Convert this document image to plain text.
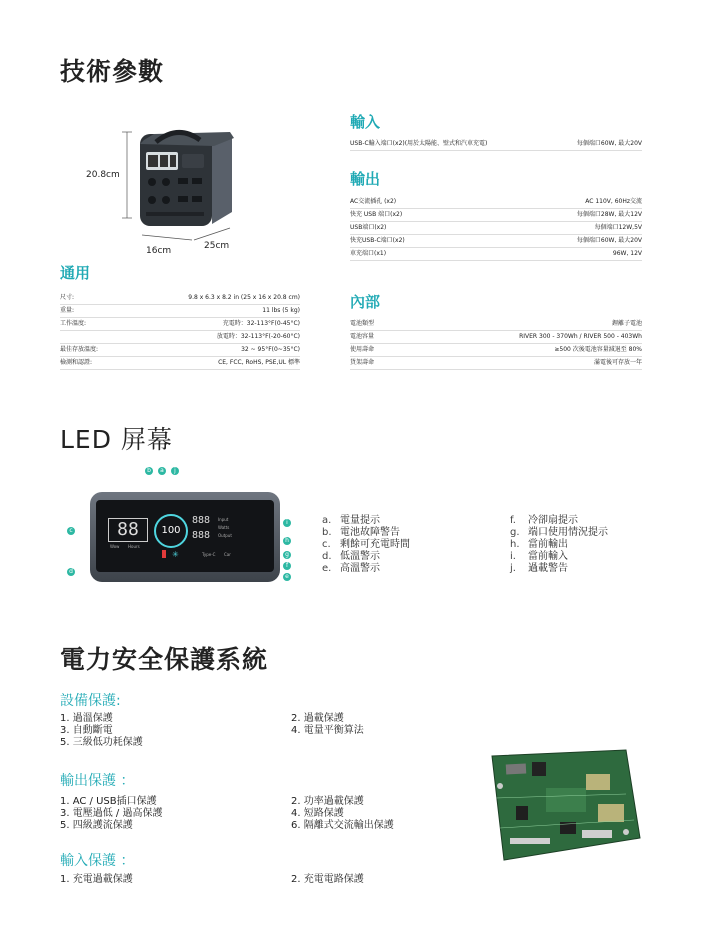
技術參數
20.8cm
16cm	25cm
輸入
USB-C輸入端口(x2)(用於太陽能、壁式和汽車充電)	每個端口60W, 最大20V
輸出
AC交流插孔 (x2)	AC 110V, 60Hz交流
快充 USB 端口(x2)	每個端口28W, 最大12V
USB端口(x2)	每個端口12W,5V
快充USB-C端口(x2)	每個端口60W, 最大20V
車充端口(x1)	96W, 12V
通用
尺寸:	9.8 x 6.3 x 8.2 in (25 x 16 x 20.8 cm)
重量:	11 lbs (5 kg)
工作溫度:	充電時：32-113°F(0-45°C)
放電時：32-113°F(-20-60°C)
最佳存放溫度:	32 ~ 95°F(0~35°C)
檢測和認證:	CE, FCC, RoHS, PSE,UL 標準
內部
電池類型	鋰離子電池
電池容量	RIVER 300 - 370Wh / RIVER 500 - 403Wh
使用壽命	≥500 次後電池容量減退至 80%
貨架壽命	滿電後可存放一年
LED 屏幕
88
Wow Hours
100
888
888
Input
Output
Watts
✳	Type-C Car
b	a	j
c
d
i
h
g
f
e
a. 電量提示
b. 電池故障警告
c. 剩餘可充電時間
d. 低溫警示
e. 高溫警示
f. 冷卻扇提示
g. 端口使用情況提示
h. 當前輸出
i. 當前輸入
j. 過載警告
電力安全保護系統
設備保護:
1. 過溫保護
3. 自動斷電
5. 三級低功耗保護
2. 過載保護
4. 電量平衡算法
輸出保護 ：
1. AC / USB插口保護
3. 電壓過低 / 過高保護
5. 四級護流保護
2. 功率過載保護
4. 短路保護
6. 隔離式交流輸出保護
輸入保護 ：
1. 充電過載保護	2. 充電電路保護
